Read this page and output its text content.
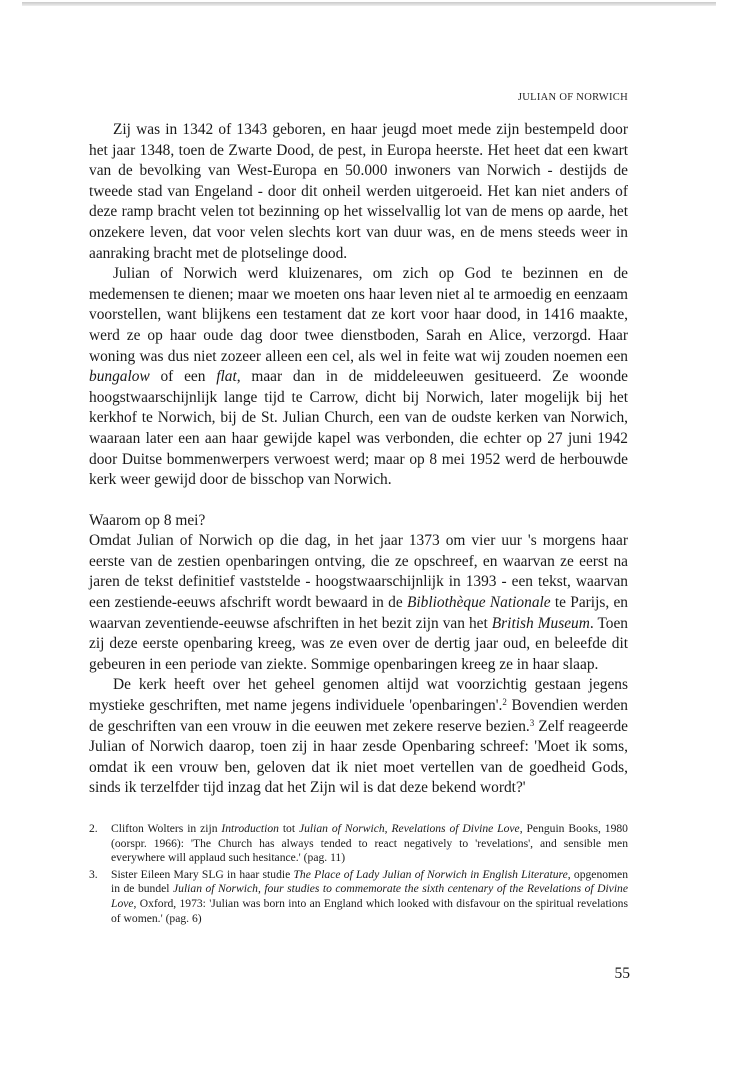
JULIAN OF NORWICH

Zij was in 1342 of 1343 geboren, en haar jeugd moet mede zijn bestempeld door het jaar 1348, toen de Zwarte Dood, de pest, in Europa heerste. Het heet dat een kwart van de bevolking van West-Europa en 50.000 inwoners van Norwich - destijds de tweede stad van Engeland - door dit onheil werden uitgeroeid. Het kan niet anders of deze ramp bracht velen tot bezinning op het wisselvallig lot van de mens op aarde, het onzekere leven, dat voor velen slechts kort van duur was, en de mens steeds weer in aanraking bracht met de plotselinge dood.

Julian of Norwich werd kluizenares, om zich op God te bezinnen en de medemensen te dienen; maar we moeten ons haar leven niet al te armoedig en eenzaam voorstellen, want blijkens een testament dat ze kort voor haar dood, in 1416 maakte, werd ze op haar oude dag door twee dienstboden, Sarah en Alice, verzorgd. Haar woning was dus niet zozeer alleen een cel, als wel in feite wat wij zouden noemen een bungalow of een flat, maar dan in de middeleeuwen gesitueerd. Ze woonde hoogstwaarschijnlijk lange tijd te Carrow, dicht bij Norwich, later mogelijk bij het kerkhof te Norwich, bij de St. Julian Church, een van de oudste kerken van Norwich, waaraan later een aan haar gewijde kapel was verbonden, die echter op 27 juni 1942 door Duitse bommenwerpers verwoest werd; maar op 8 mei 1952 werd de herbouwde kerk weer gewijd door de bisschop van Norwich.

Waarom op 8 mei?

Omdat Julian of Norwich op die dag, in het jaar 1373 om vier uur 's morgens haar eerste van de zestien openbaringen ontving, die ze opschreef, en waarvan ze eerst na jaren de tekst definitief vaststelde - hoogstwaarschijnlijk in 1393 - een tekst, waarvan een zestiende-eeuws afschrift wordt bewaard in de Bibliothèque Nationale te Parijs, en waarvan zeventiende-eeuwse afschriften in het bezit zijn van het British Museum. Toen zij deze eerste openbaring kreeg, was ze even over de dertig jaar oud, en beleefde dit gebeuren in een periode van ziekte. Sommige openbaringen kreeg ze in haar slaap.

De kerk heeft over het geheel genomen altijd wat voorzichtig gestaan jegens mystieke geschriften, met name jegens individuele 'openbaringen'.$^2$ Bovendien werden de geschriften van een vrouw in die eeuwen met zekere reserve bezien.$^3$ Zelf reageerde Julian of Norwich daarop, toen zij in haar zesde Openbaring schreef: 'Moet ik soms, omdat ik een vrouw ben, geloven dat ik niet moet vertellen van de goedheid Gods, sinds ik terzelfder tijd inzag dat het Zijn wil is dat deze bekend wordt?'

2. Clifton Wolters in zijn Introduction tot Julian of Norwich, Revelations of Divine Love, Penguin Books, 1980 (oorspr. 1966): 'The Church has always tended to react negatively to 'revelations', and sensible men everywhere will applaud such hesitance.' (pag. 11)
3. Sister Eileen Mary SLG in haar studie The Place of Lady Julian of Norwich in English Literature, opgenomen in de bundel Julian of Norwich, four studies to commemorate the sixth centenary of the Revelations of Divine Love, Oxford, 1973: 'Julian was born into an England which looked with disfavour on the spiritual revelations of women.' (pag. 6)
55
